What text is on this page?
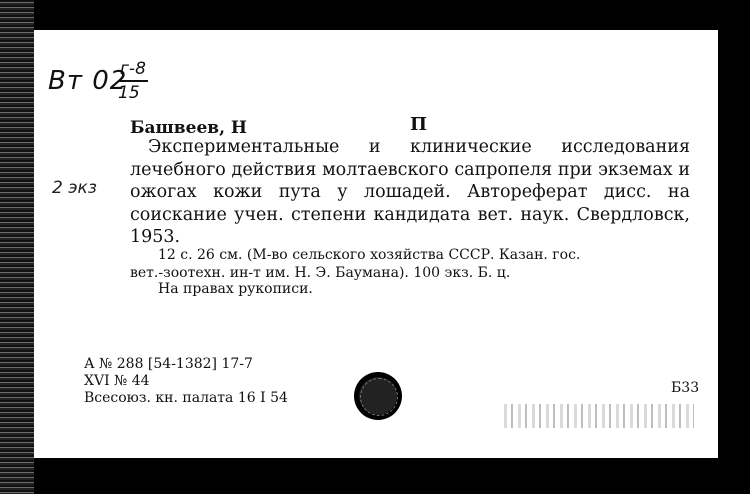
Вт 02
г-8
15
2 экз
Башвеев, Н	П
Экспериментальные и клинические исследования лечебного действия молтаевского сапропеля при экземах и ожогах кожи пута у лошадей. Автореферат дисс. на соискание учен. степени кандидата вет. наук. Свердловск, 1953.
12 с. 26 см. (М-во сельского хозяйства СССР. Казан. гос.
вет.-зоотехн. ин-т им. Н. Э. Баумана). 100 экз. Б. ц.
На правах рукописи.
А № 288 [54-1382] 17-7
XVI № 44
Всесоюз. кн. палата 16 I 54
Б33
